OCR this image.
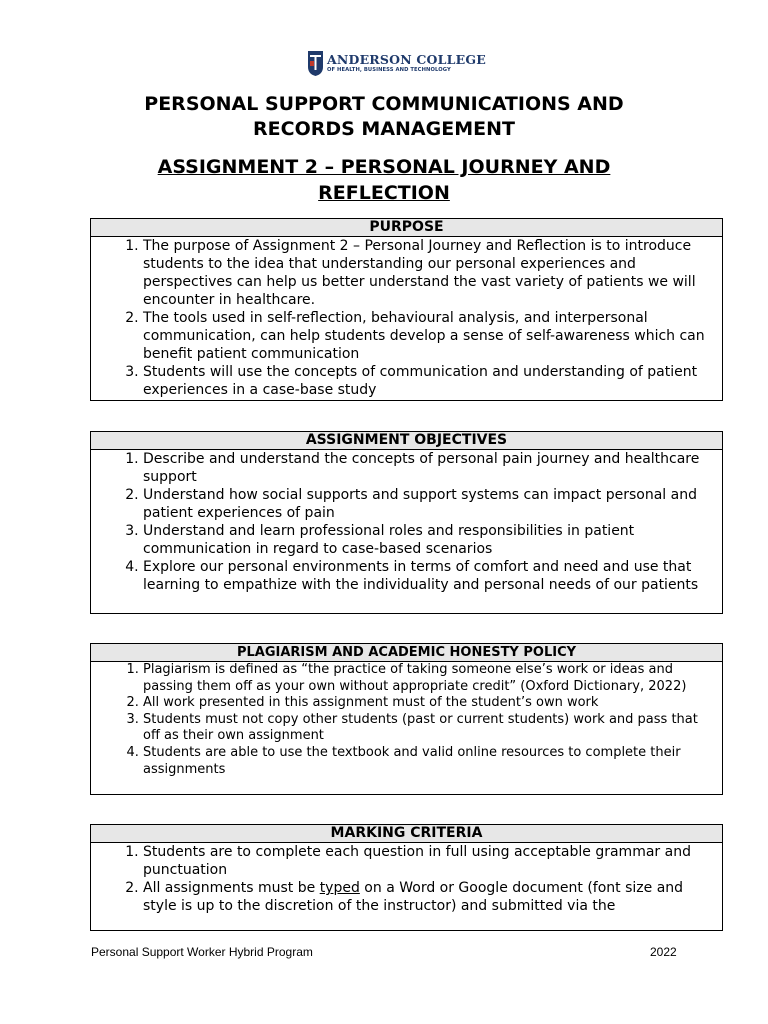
ANDERSON COLLEGE
OF HEALTH, BUSINESS AND TECHNOLOGY
PERSONAL SUPPORT COMMUNICATIONS AND RECORDS MANAGEMENT
ASSIGNMENT 2 – PERSONAL JOURNEY AND REFLECTION
PURPOSE
1. The purpose of Assignment 2 – Personal Journey and Reflection is to introduce students to the idea that understanding our personal experiences and perspectives can help us better understand the vast variety of patients we will encounter in healthcare.
2. The tools used in self-reflection, behavioural analysis, and interpersonal communication, can help students develop a sense of self-awareness which can benefit patient communication
3. Students will use the concepts of communication and understanding of patient experiences in a case-base study
ASSIGNMENT OBJECTIVES
1. Describe and understand the concepts of personal pain journey and healthcare support
2. Understand how social supports and support systems can impact personal and patient experiences of pain
3. Understand and learn professional roles and responsibilities in patient communication in regard to case-based scenarios
4. Explore our personal environments in terms of comfort and need and use that learning to empathize with the individuality and personal needs of our patients
PLAGIARISM AND ACADEMIC HONESTY POLICY
1. Plagiarism is defined as “the practice of taking someone else’s work or ideas and passing them off as your own without appropriate credit” (Oxford Dictionary, 2022)
2. All work presented in this assignment must of the student’s own work
3. Students must not copy other students (past or current students) work and pass that off as their own assignment
4. Students are able to use the textbook and valid online resources to complete their assignments
MARKING CRITERIA
1. Students are to complete each question in full using acceptable grammar and punctuation
2. All assignments must be typed on a Word or Google document (font size and style is up to the discretion of the instructor) and submitted via the
Personal Support Worker Hybrid Program	2022
